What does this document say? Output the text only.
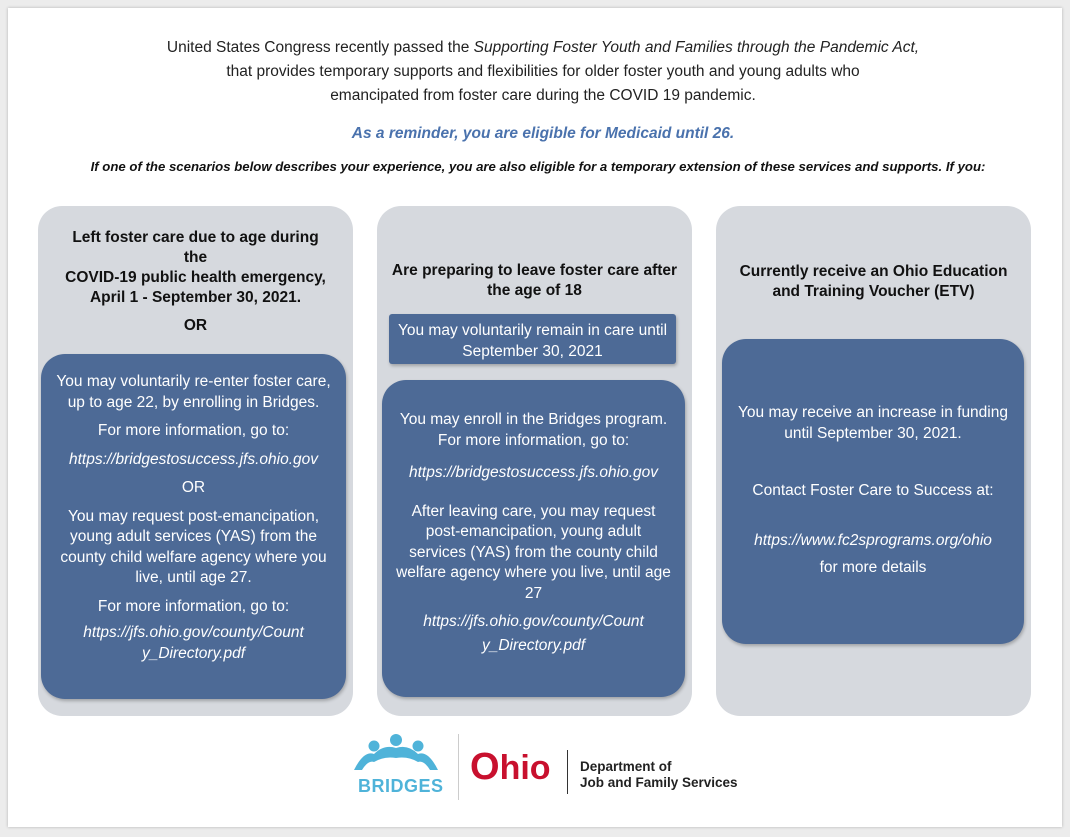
United States Congress recently passed the Supporting Foster Youth and Families through the Pandemic Act,
that provides temporary supports and flexibilities for older foster youth and young adults who
emancipated from foster care during the COVID 19 pandemic.
As a reminder, you are eligible for Medicaid until 26.
If one of the scenarios below describes your experience, you are also eligible for a temporary extension of these services and supports. If you:
Left foster care due to age during
the
COVID-19 public health emergency,
April 1 - September 30, 2021.
OR

You may voluntarily re-enter foster care, up to age 22, by enrolling in Bridges.

For more information, go to:

https://bridgestosuccess.jfs.ohio.gov

OR

You may request post-emancipation, young adult services (YAS) from the county child welfare agency where you live, until age 27.

For more information, go to:

https://jfs.ohio.gov/county/Count y_Directory.pdf

Are preparing to leave foster care after the age of 18

You may voluntarily remain in care until September 30, 2021

You may enroll in the Bridges program. For more information, go to:

https://bridgestosuccess.jfs.ohio.gov

After leaving care, you may request post-emancipation, young adult services (YAS) from the county child welfare agency where you live, until age 27

https://jfs.ohio.gov/county/Count y_Directory.pdf

Currently receive an Ohio Education and Training Voucher (ETV)

You may receive an increase in funding until September 30, 2021.

Contact Foster Care to Success at:

https://www.fc2sprograms.org/ohio

for more details

BRIDGES Ohio Department of
Job and Family Services
